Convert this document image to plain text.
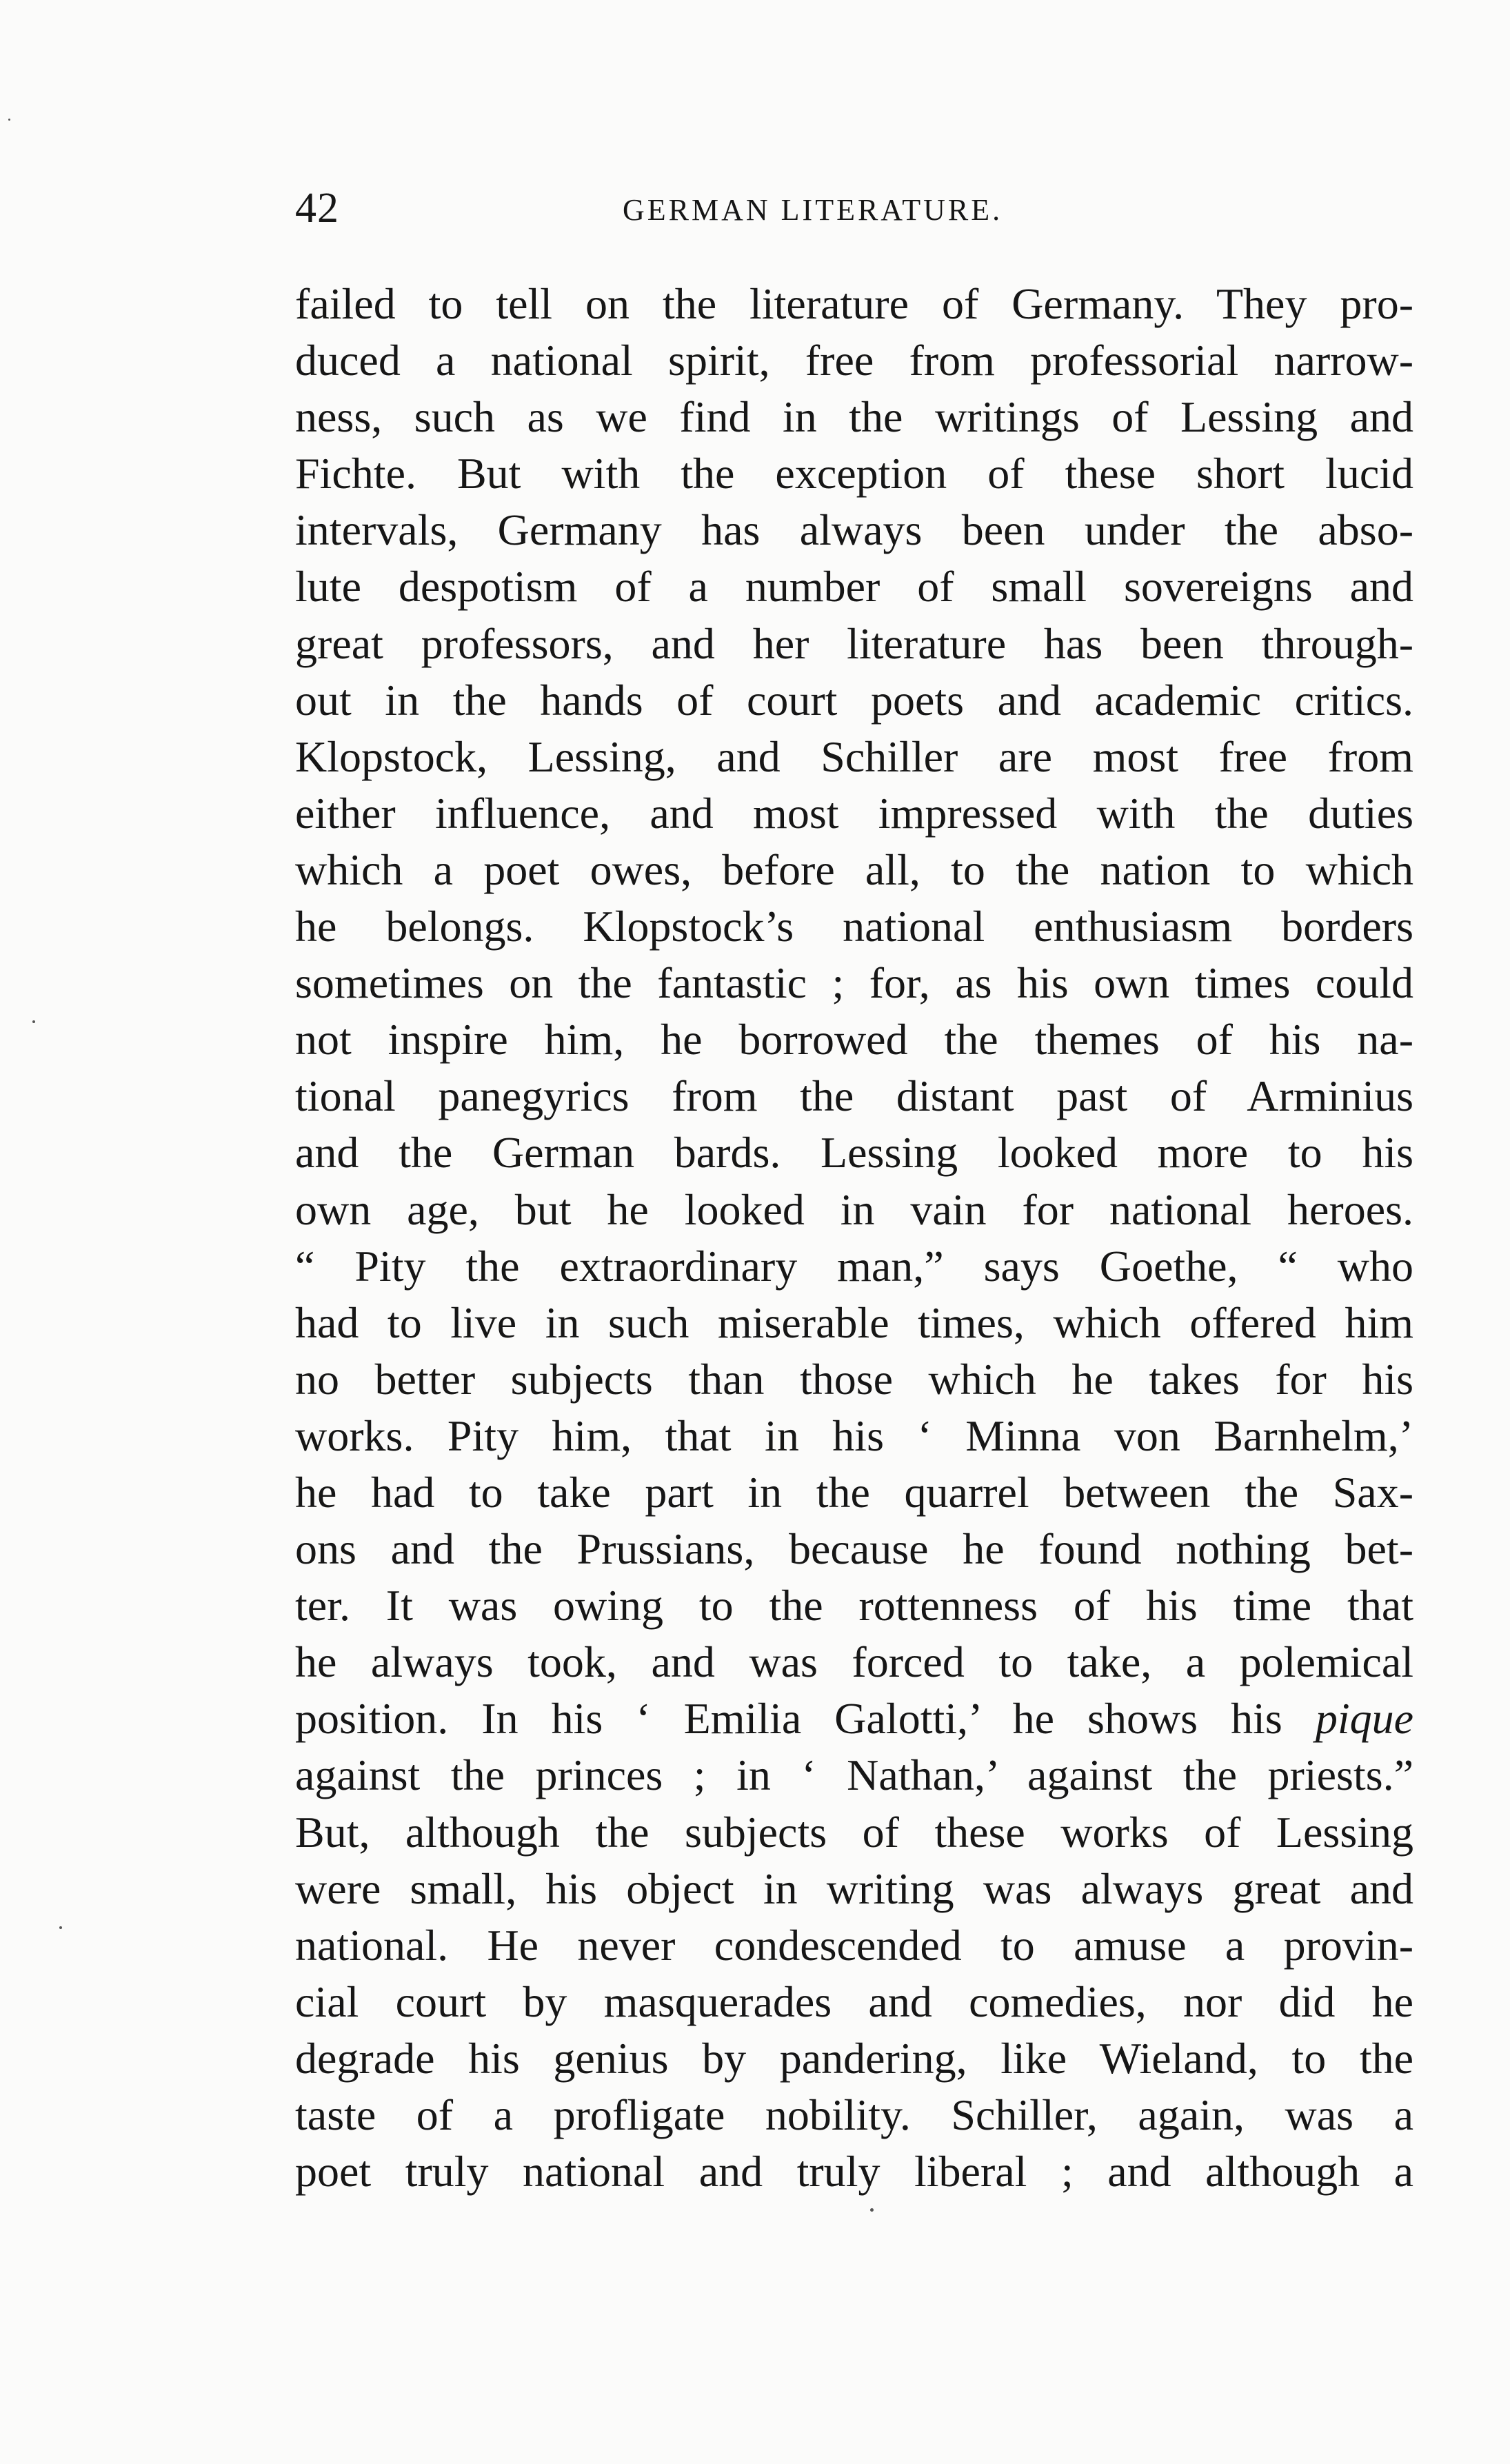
42	GERMAN LITERATURE.
failed to tell on the literature of Germany. They pro-
duced a national spirit, free from professorial narrow-
ness, such as we find in the writings of Lessing and
Fichte. But with the exception of these short lucid
intervals, Germany has always been under the abso-
lute despotism of a number of small sovereigns and
great professors, and her literature has been through-
out in the hands of court poets and academic critics.
Klopstock, Lessing, and Schiller are most free from
either influence, and most impressed with the duties
which a poet owes, before all, to the nation to which
he belongs. Klopstock’s national enthusiasm borders
sometimes on the fantastic ; for, as his own times could
not inspire him, he borrowed the themes of his na-
tional panegyrics from the distant past of Arminius
and the German bards. Lessing looked more to his
own age, but he looked in vain for national heroes.
“ Pity the extraordinary man,” says Goethe, “ who
had to live in such miserable times, which offered him
no better subjects than those which he takes for his
works. Pity him, that in his ‘ Minna von Barnhelm,’
he had to take part in the quarrel between the Sax-
ons and the Prussians, because he found nothing bet-
ter. It was owing to the rottenness of his time that
he always took, and was forced to take, a polemical
position. In his ‘ Emilia Galotti,’ he shows his pique
against the princes ; in ‘ Nathan,’ against the priests.”
But, although the subjects of these works of Lessing
were small, his object in writing was always great and
national. He never condescended to amuse a provin-
cial court by masquerades and comedies, nor did he
degrade his genius by pandering, like Wieland, to the
taste of a profligate nobility. Schiller, again, was a
poet truly national and truly liberal ; and although a
